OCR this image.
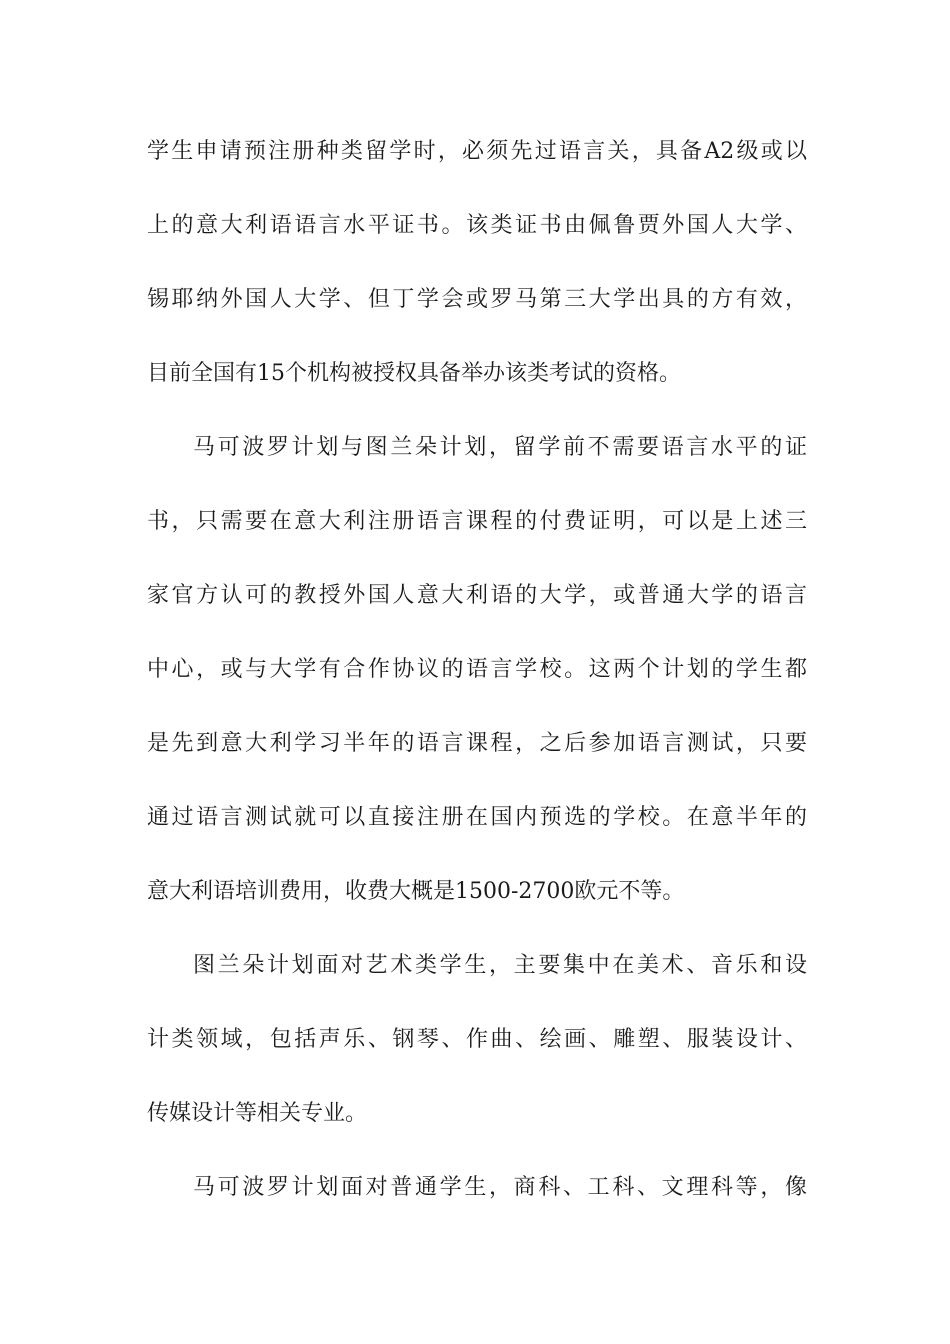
学生申请预注册种类留学时，必须先过语言关，具备A2级或以
上的意大利语语言水平证书。该类证书由佩鲁贾外国人大学、
锡耶纳外国人大学、但丁学会或罗马第三大学出具的方有效，
目前全国有15个机构被授权具备举办该类考试的资格。
马可波罗计划与图兰朵计划，留学前不需要语言水平的证
书，只需要在意大利注册语言课程的付费证明，可以是上述三
家官方认可的教授外国人意大利语的大学，或普通大学的语言
中心，或与大学有合作协议的语言学校。这两个计划的学生都
是先到意大利学习半年的语言课程，之后参加语言测试，只要
通过语言测试就可以直接注册在国内预选的学校。在意半年的
意大利语培训费用，收费大概是1500-2700欧元不等。
图兰朵计划面对艺术类学生，主要集中在美术、音乐和设
计类领域，包括声乐、钢琴、作曲、绘画、雕塑、服装设计、
传媒设计等相关专业。
马可波罗计划面对普通学生，商科、工科、文理科等，像
